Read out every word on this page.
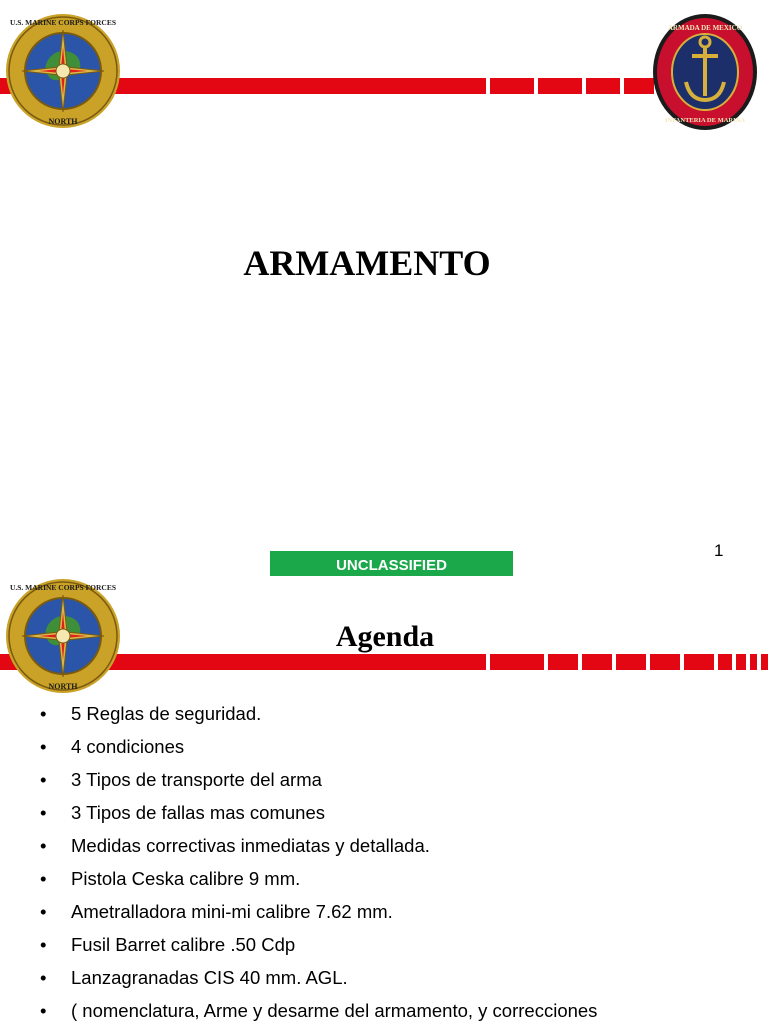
U.S. MARINE CORPS FORCES
NORTH
ARMADA DE MEXICO
INFANTERIA DE MARINA
ARMAMENTO
UNCLASSIFIED
1
U.S. MARINE CORPS FORCES
NORTH
Agenda
• 5 Reglas de seguridad.
• 4 condiciones
• 3 Tipos de transporte del arma
• 3 Tipos de fallas mas comunes
• Medidas correctivas inmediatas y detallada.
• Pistola Ceska calibre 9 mm.
• Ametralladora mini-mi calibre 7.62 mm.
• Fusil Barret calibre .50 Cdp
• Lanzagranadas CIS 40 mm. AGL.
• ( nomenclatura, Arme y desarme del armamento, y correcciones
